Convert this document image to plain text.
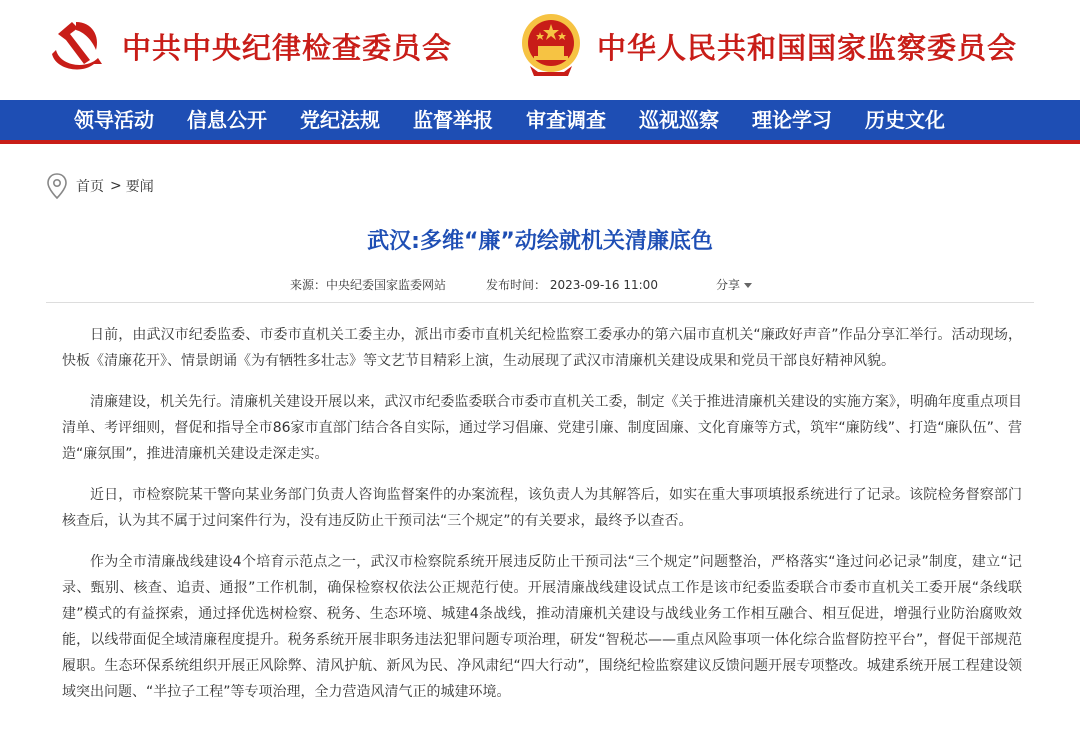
中共中央纪律检查委员会	中华人民共和国国家监察委员会
领导活动 信息公开 党纪法规 监督举报 审查调查 巡视巡察 理论学习 历史文化
首页 > 要闻
武汉:多维“廉”动绘就机关清廉底色
来源：中央纪委国家监委网站	发布时间： 2023-09-16 11:00	分享

日前，由武汉市纪委监委、市委市直机关工委主办，派出市委市直机关纪检监察工委承办的第六届市直机关“廉政好声音”作品分享汇举行。活动现场，快板《清廉花开》、情景朗诵《为有牺牲多壮志》等文艺节目精彩上演，生动展现了武汉市清廉机关建设成果和党员干部良好精神风貌。

清廉建设，机关先行。清廉机关建设开展以来，武汉市纪委监委联合市委市直机关工委，制定《关于推进清廉机关建设的实施方案》，明确年度重点项目清单、考评细则，督促和指导全市86家市直部门结合各自实际，通过学习倡廉、党建引廉、制度固廉、文化育廉等方式，筑牢“廉防线”、打造“廉队伍”、营造“廉氛围”，推进清廉机关建设走深走实。

近日，市检察院某干警向某业务部门负责人咨询监督案件的办案流程，该负责人为其解答后，如实在重大事项填报系统进行了记录。该院检务督察部门核查后，认为其不属于过问案件行为，没有违反防止干预司法“三个规定”的有关要求，最终予以查否。

作为全市清廉战线建设4个培育示范点之一，武汉市检察院系统开展违反防止干预司法“三个规定”问题整治，严格落实“逢过问必记录”制度，建立“记录、甄别、核查、追责、通报”工作机制，确保检察权依法公正规范行使。开展清廉战线建设试点工作是该市纪委监委联合市委市直机关工委开展“条线联建”模式的有益探索，通过择优选树检察、税务、生态环境、城建4条战线，推动清廉机关建设与战线业务工作相互融合、相互促进，增强行业防治腐败效能，以线带面促全域清廉程度提升。税务系统开展非职务违法犯罪问题专项治理，研发“智税芯——重点风险事项一体化综合监督防控平台”，督促干部规范履职。生态环保系统组织开展正风除弊、清风护航、新风为民、净风肃纪“四大行动”，围绕纪检监察建议反馈问题开展专项整改。城建系统开展工程建设领域突出问题、“半拉子工程”等专项治理，全力营造风清气正的城建环境。
